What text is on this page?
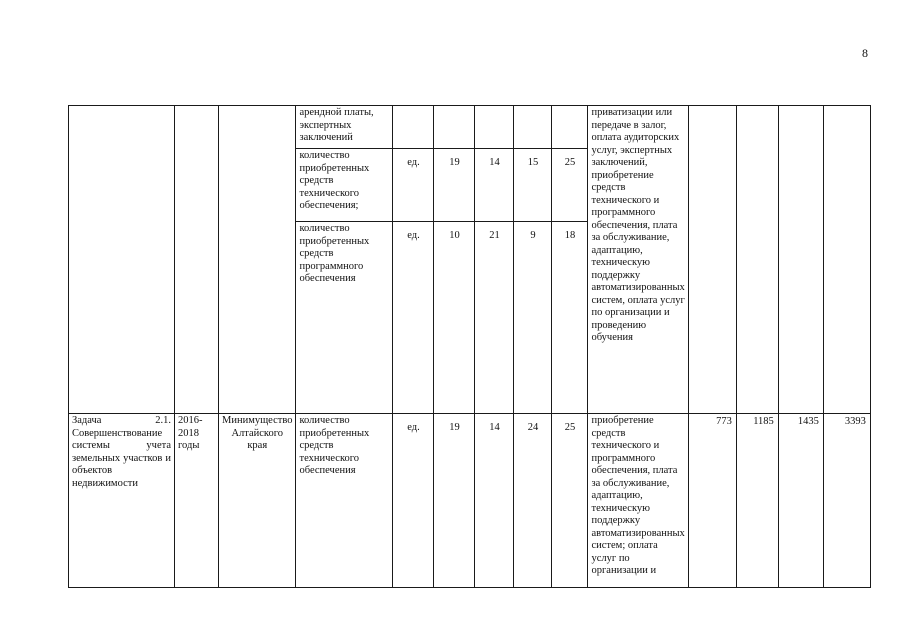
8
			арендной платы, экспертных заключений						приватизации или передаче в залог, оплата аудиторских услуг, экспертных заключений, приобретение средств технического и программного обеспечения, плата за обслуживание, адаптацию, техническую поддержку автоматизированных систем, оплата услуг по организации и проведению обучения				
			количество приобретенных средств технического обеспечения;	ед.	19	14	15	25					
			количество приобретенных средств программного обеспечения	ед.	10	21	9	18					
Задача 2.1. Совершенствование системы учета земельных участков и объектов недвижимости	2016-2018 годы	Минимущество Алтайского края	количество приобретенных средств технического обеспечения	ед.	19	14	24	25	приобретение средств технического и программного обеспечения, плата за обслуживание, адаптацию, техническую поддержку автоматизированных систем; оплата услуг по организации и	773	1185	1435	3393
